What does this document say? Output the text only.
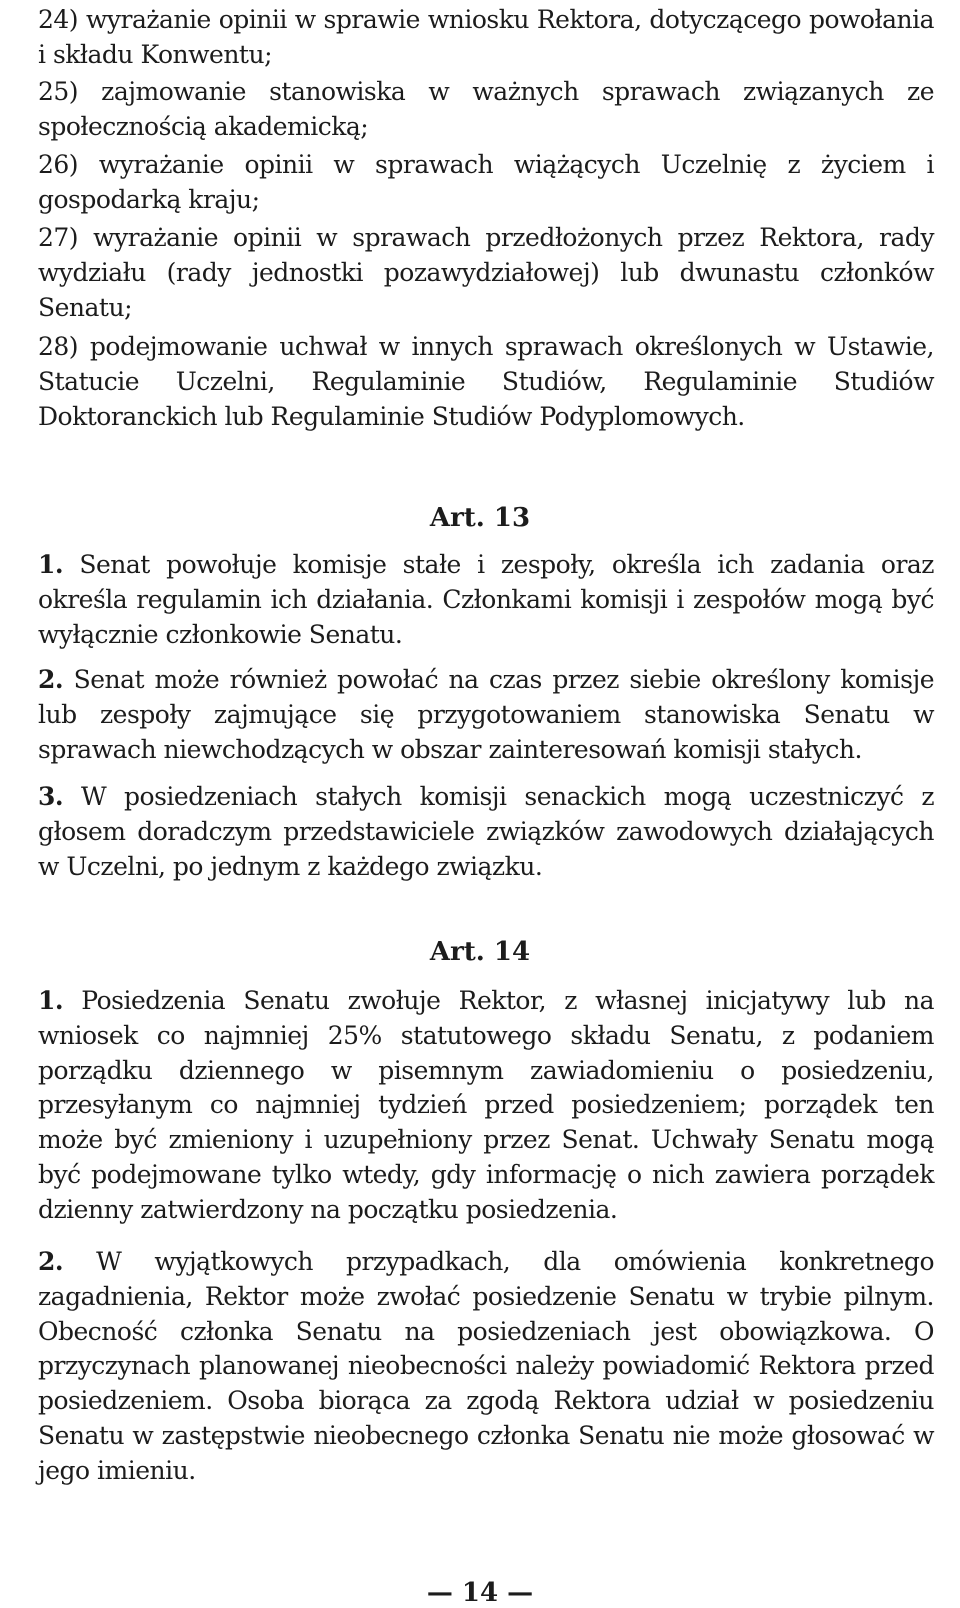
24) wyrażanie opinii w sprawie wniosku Rektora, dotyczącego powołania i składu Konwentu;

25) zajmowanie stanowiska w ważnych sprawach związanych ze społecznością akademicką;

26) wyrażanie opinii w sprawach wiążących Uczelnię z życiem i gospodarką kraju;

27) wyrażanie opinii w sprawach przedłożonych przez Rektora, rady wydziału (rady jednostki pozawydziałowej) lub dwunastu członków Senatu;

28) podejmowanie uchwał w innych sprawach określonych w Ustawie, Statucie Uczelni, Regulaminie Studiów, Regulaminie Studiów Doktoranckich lub Regulaminie Studiów Podyplomowych.

Art. 13

1. Senat powołuje komisje stałe i zespoły, określa ich zadania oraz określa regulamin ich działania. Członkami komisji i zespołów mogą być wyłącznie członkowie Senatu.

2. Senat może również powołać na czas przez siebie określony komisje lub zespoły zajmujące się przygotowaniem stanowiska Senatu w sprawach niewchodzących w obszar zainteresowań komisji stałych.

3. W posiedzeniach stałych komisji senackich mogą uczestniczyć z głosem doradczym przedstawiciele związków zawodowych działających w Uczelni, po jednym z każdego związku.

Art. 14

1. Posiedzenia Senatu zwołuje Rektor, z własnej inicjatywy lub na wniosek co najmniej 25% statutowego składu Senatu, z podaniem porządku dziennego w pisemnym zawiadomieniu o posiedzeniu, przesyłanym co najmniej tydzień przed posiedzeniem; porządek ten może być zmieniony i uzupełniony przez Senat. Uchwały Senatu mogą być podejmowane tylko wtedy, gdy informację o nich zawiera porządek dzienny zatwierdzony na początku posiedzenia.

2. W wyjątkowych przypadkach, dla omówienia konkretnego zagadnienia, Rektor może zwołać posiedzenie Senatu w trybie pilnym. Obecność członka Senatu na posiedzeniach jest obowiązkowa. O przyczynach planowanej nieobecności należy powiadomić Rektora przed posiedzeniem. Osoba biorąca za zgodą Rektora udział w posiedzeniu Senatu w zastępstwie nieobecnego członka Senatu nie może głosować w jego imieniu.

— 14 —
